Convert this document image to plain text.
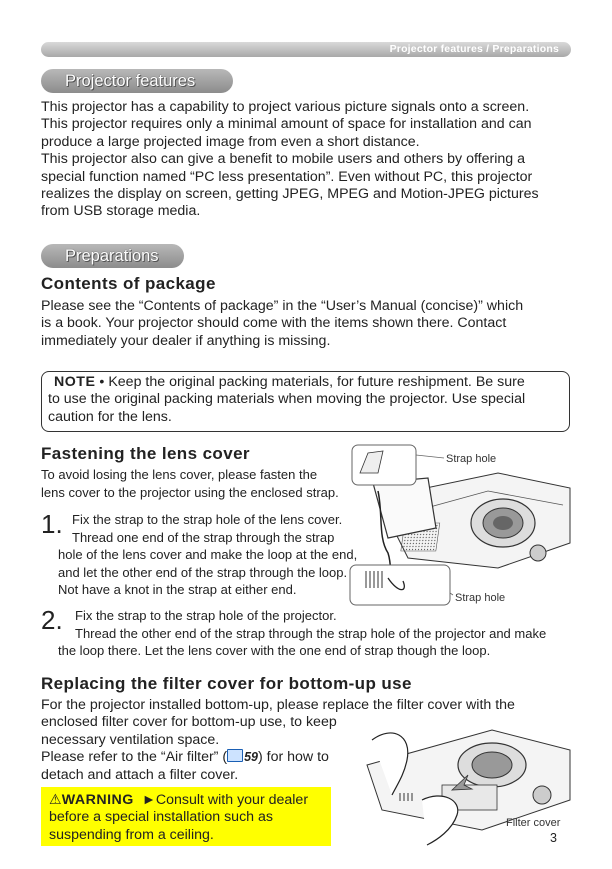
Projector features / Preparations
Projector features
This projector has a capability to project various picture signals onto a screen.
This projector requires only a minimal amount of space for installation and can
produce a large projected image from even a short distance.
This projector also can give a benefit to mobile users and others by offering a
special function named “PC less presentation”. Even without PC, this projector
realizes the display on screen, getting JPEG, MPEG and Motion-JPEG pictures
from USB storage media.
Preparations
Contents of package
Please see the “Contents of package” in the “User’s Manual (concise)” which
is a book. Your projector should come with the items shown there. Contact
immediately your dealer if anything is missing.
NOTE • Keep the original packing materials, for future reshipment. Be sure
to use the original packing materials when moving the projector. Use special
caution for the lens.
Fastening the lens cover
To avoid losing the lens cover, please fasten the
lens cover to the projector using the enclosed strap.
1. Fix the strap to the strap hole of the lens cover.
Thread one end of the strap through the strap
hole of the lens cover and make the loop at the end,
and let the other end of the strap through the loop.
Not have a knot in the strap at either end.
2. Fix the strap to the strap hole of the projector.
Thread the other end of the strap through the strap hole of the projector and make
the loop there. Let the lens cover with the one end of strap though the loop.
Strap hole
Strap hole
Replacing the filter cover for bottom-up use
For the projector installed bottom-up, please replace the filter cover with the
enclosed filter cover for bottom-up use, to keep
necessary ventilation space.
Please refer to the “Air filter” ( 59) for how to
detach and attach a filter cover.
⚠WARNING ►Consult with your dealer
before a special installation such as
suspending from a ceiling.
Filter cover
3
